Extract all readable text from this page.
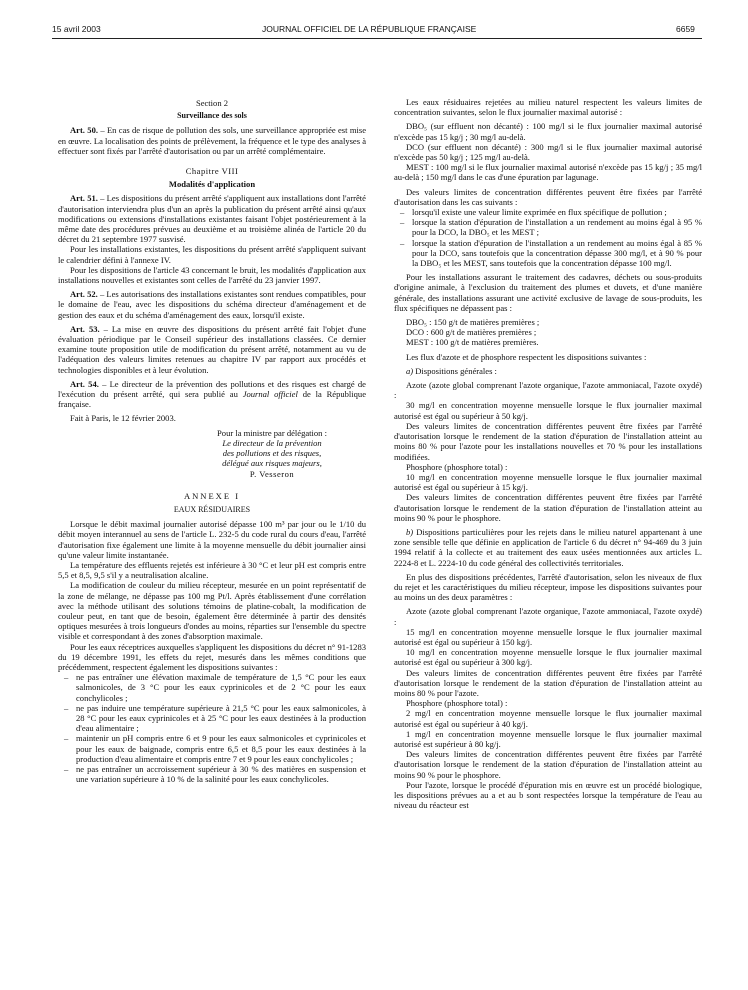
15 avril 2003	JOURNAL OFFICIEL DE LA RÉPUBLIQUE FRANÇAISE	6659

Section 2

Surveillance des sols

Art. 50. – En cas de risque de pollution des sols, une surveillance appropriée est mise en œuvre. La localisation des points de prélèvement, la fréquence et le type des analyses à effectuer sont fixés par l'arrêté d'autorisation ou par un arrêté complémentaire.

Chapitre VIII

Modalités d'application

Art. 51. – Les dispositions du présent arrêté s'appliquent aux installations dont l'arrêté d'autorisation interviendra plus d'un an après la publication du présent arrêté ainsi qu'aux modifications ou extensions d'installations existantes faisant l'objet postérieurement à la même date des procédures prévues au deuxième et au troisième alinéa de l'article 20 du décret du 21 septembre 1977 susvisé.

Pour les installations existantes, les dispositions du présent arrêté s'appliquent suivant le calendrier défini à l'annexe IV.

Pour les dispositions de l'article 43 concernant le bruit, les modalités d'application aux installations nouvelles et existantes sont celles de l'arrêté du 23 janvier 1997.

Art. 52. – Les autorisations des installations existantes sont rendues compatibles, pour le domaine de l'eau, avec les dispositions du schéma directeur d'aménagement et de gestion des eaux et du schéma d'aménagement des eaux, lorsqu'il existe.

Art. 53. – La mise en œuvre des dispositions du présent arrêté fait l'objet d'une évaluation périodique par le Conseil supérieur des installations classées. Ce dernier examine toute proposition utile de modification du présent arrêté, notamment au vu de l'adéquation des valeurs limites retenues au chapitre IV par rapport aux procédés et technologies disponibles et à leur évolution.

Art. 54. – Le directeur de la prévention des pollutions et des risques est chargé de l'exécution du présent arrêté, qui sera publié au Journal officiel de la République française.

Fait à Paris, le 12 février 2003.

Pour la ministre par délégation :

Le directeur de la prévention

des pollutions et des risques,

délégué aux risques majeurs,

P. Vesseron

ANNEXE I

EAUX RÉSIDUAIRES

Lorsque le débit maximal journalier autorisé dépasse 100 m³ par jour ou le 1/10 du débit moyen interannuel au sens de l'article L. 232-5 du code rural du cours d'eau, l'arrêté d'autorisation fixe également une limite à la moyenne mensuelle du débit journalier ainsi qu'une valeur limite instantanée.

La température des effluents rejetés est inférieure à 30 °C et leur pH est compris entre 5,5 et 8,5, 9,5 s'il y a neutralisation alcaline.

La modification de couleur du milieu récepteur, mesurée en un point représentatif de la zone de mélange, ne dépasse pas 100 mg Pt/l. Après établissement d'une corrélation avec la méthode utilisant des solutions témoins de platine-cobalt, la modification de couleur peut, en tant que de besoin, également être déterminée à partir des densités optiques mesurées à trois longueurs d'ondes au moins, réparties sur l'ensemble du spectre visible et correspondant à des zones d'absorption maximale.

Pour les eaux réceptrices auxquelles s'appliquent les dispositions du décret n° 91-1283 du 19 décembre 1991, les effets du rejet, mesurés dans les mêmes conditions que précédemment, respectent également les dispositions suivantes :

– ne pas entraîner une élévation maximale de température de 1,5 °C pour les eaux salmonicoles, de 3 °C pour les eaux cyprinicoles et de 2 °C pour les eaux conchylicoles ;
– ne pas induire une température supérieure à 21,5 °C pour les eaux salmonicoles, à 28 °C pour les eaux cyprinicoles et à 25 °C pour les eaux destinées à la production d'eau alimentaire ;
– maintenir un pH compris entre 6 et 9 pour les eaux salmonicoles et cyprinicoles et pour les eaux de baignade, compris entre 6,5 et 8,5 pour les eaux destinées à la production d'eau alimentaire et compris entre 7 et 9 pour les eaux conchylicoles ;
– ne pas entraîner un accroissement supérieur à 30 % des matières en suspension et une variation supérieure à 10 % de la salinité pour les eaux conchylicoles.

Les eaux résiduaires rejetées au milieu naturel respectent les valeurs limites de concentration suivantes, selon le flux journalier maximal autorisé :

DBO₅ (sur effluent non décanté) : 100 mg/l si le flux journalier maximal autorisé n'excède pas 15 kg/j ; 30 mg/l au-delà.

DCO (sur effluent non décanté) : 300 mg/l si le flux journalier maximal autorisé n'excède pas 50 kg/j ; 125 mg/l au-delà.

MEST : 100 mg/l si le flux journalier maximal autorisé n'excède pas 15 kg/j ; 35 mg/l au-delà ; 150 mg/l dans le cas d'une épuration par lagunage.

Des valeurs limites de concentration différentes peuvent être fixées par l'arrêté d'autorisation dans les cas suivants :

– lorsqu'il existe une valeur limite exprimée en flux spécifique de pollution ;
– lorsque la station d'épuration de l'installation a un rendement au moins égal à 95 % pour la DCO, la DBO₅ et les MEST ;
– lorsque la station d'épuration de l'installation a un rendement au moins égal à 85 % pour la DCO, sans toutefois que la concentration dépasse 300 mg/l, et à 90 % pour la DBO₅ et les MEST, sans toutefois que la concentration dépasse 100 mg/l.

Pour les installations assurant le traitement des cadavres, déchets ou sous-produits d'origine animale, à l'exclusion du traitement des plumes et duvets, et d'une manière générale, des installations assurant une activité exclusive de lavage de sous-produits, les flux spécifiques ne dépassent pas :

DBO₅ : 150 g/t de matières premières ;

DCO : 600 g/t de matières premières ;

MEST : 100 g/t de matières premières.

Les flux d'azote et de phosphore respectent les dispositions suivantes :

a) Dispositions générales :

Azote (azote global comprenant l'azote organique, l'azote ammoniacal, l'azote oxydé) :

30 mg/l en concentration moyenne mensuelle lorsque le flux journalier maximal autorisé est égal ou supérieur à 50 kg/j.

Des valeurs limites de concentration différentes peuvent être fixées par l'arrêté d'autorisation lorsque le rendement de la station d'épuration de l'installation atteint au moins 80 % pour l'azote pour les installations nouvelles et 70 % pour les installations modifiées.

Phosphore (phosphore total) :

10 mg/l en concentration moyenne mensuelle lorsque le flux journalier maximal autorisé est égal ou supérieur à 15 kg/j.

Des valeurs limites de concentration différentes peuvent être fixées par l'arrêté d'autorisation lorsque le rendement de la station d'épuration de l'installation atteint au moins 90 % pour le phosphore.

b) Dispositions particulières pour les rejets dans le milieu naturel appartenant à une zone sensible telle que définie en application de l'article 6 du décret n° 94-469 du 3 juin 1994 relatif à la collecte et au traitement des eaux usées mentionnées aux articles L. 2224-8 et L. 2224-10 du code général des collectivités territoriales.

En plus des dispositions précédentes, l'arrêté d'autorisation, selon les niveaux de flux du rejet et les caractéristiques du milieu récepteur, impose les dispositions suivantes pour au moins un des deux paramètres :

Azote (azote global comprenant l'azote organique, l'azote ammoniacal, l'azote oxydé) :

15 mg/l en concentration moyenne mensuelle lorsque le flux journalier maximal autorisé est égal ou supérieur à 150 kg/j.

10 mg/l en concentration moyenne mensuelle lorsque le flux journalier maximal autorisé est égal ou supérieur à 300 kg/j.

Des valeurs limites de concentration différentes peuvent être fixées par l'arrêté d'autorisation lorsque le rendement de la station d'épuration de l'installation atteint au moins 80 % pour l'azote.

Phosphore (phosphore total) :

2 mg/l en concentration moyenne mensuelle lorsque le flux journalier maximal autorisé est égal ou supérieur à 40 kg/j.

1 mg/l en concentration moyenne mensuelle lorsque le flux journalier maximal autorisé est supérieur à 80 kg/j.

Des valeurs limites de concentration différentes peuvent être fixées par l'arrêté d'autorisation lorsque le rendement de la station d'épuration de l'installation atteint au moins 90 % pour le phosphore.

Pour l'azote, lorsque le procédé d'épuration mis en œuvre est un procédé biologique, les dispositions prévues au a et au b sont respectées lorsque la température de l'eau au niveau du réacteur est
